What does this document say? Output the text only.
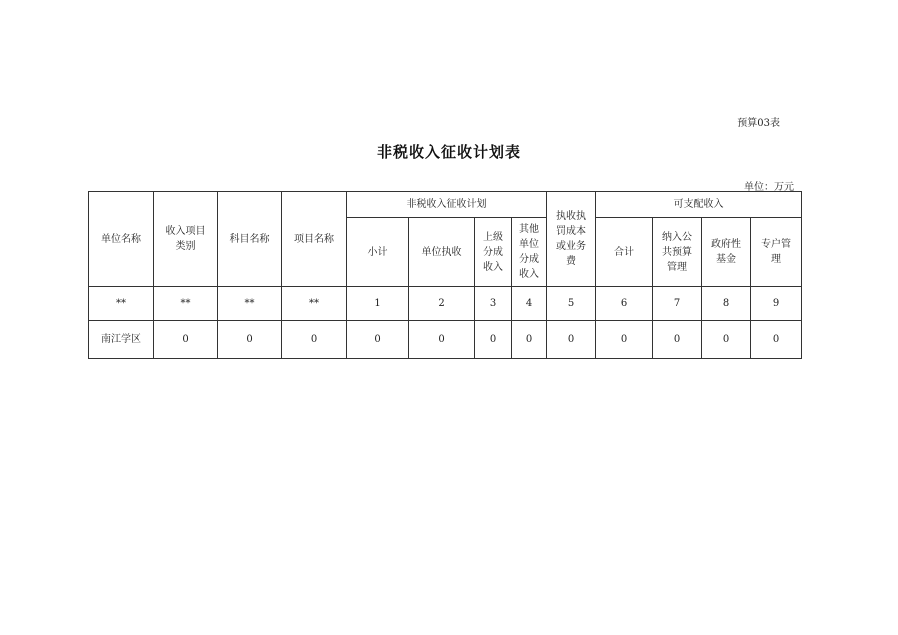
预算03表
非税收入征收计划表
单位：万元
单位名称	收入项目类别	科目名称	项目名称	非税收入征收计划				执收执罚成本或业务费	可支配收入			
				小计	单位执收	上级分成收入	其他单位分成收入		合计	纳入公共预算管理	政府性基金	专户管理
**	**	**	**	1	2	3	4	5	6	7	8	9
南江学区	0	0	0	0	0	0	0	0	0	0	0	0
